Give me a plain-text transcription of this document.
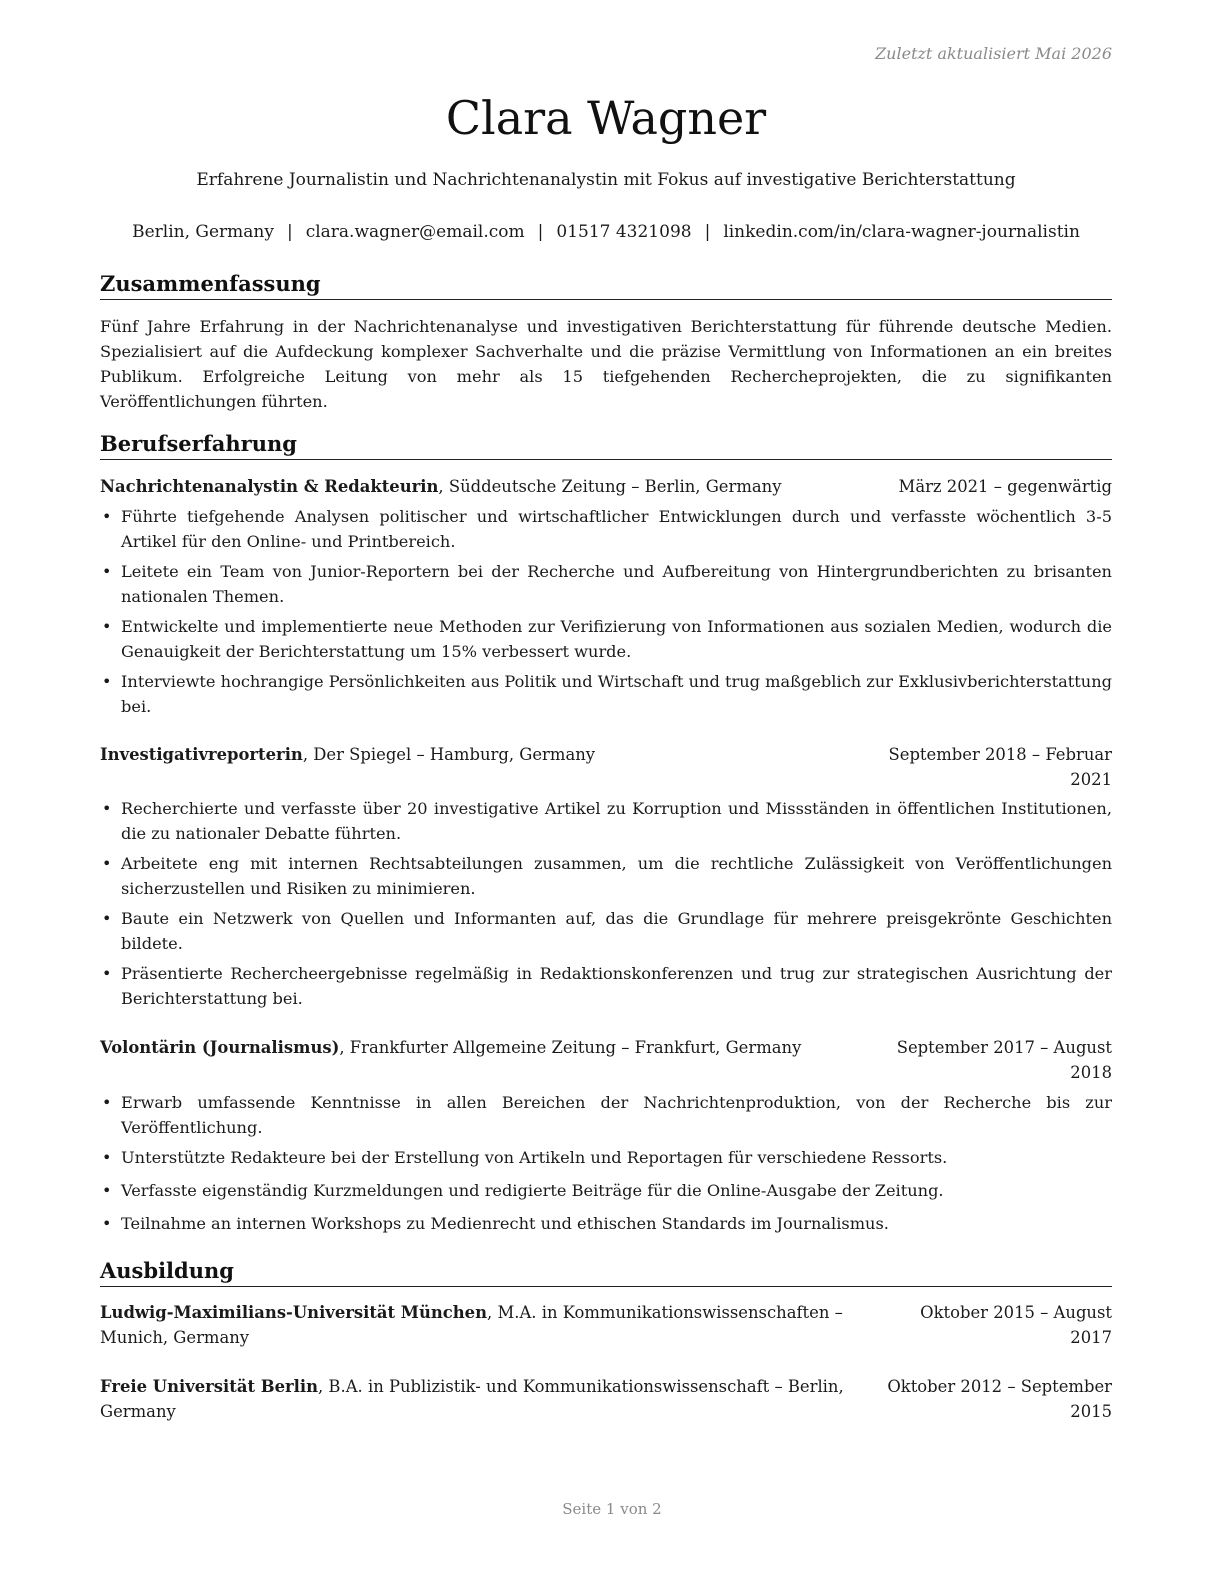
Zuletzt aktualisiert Mai 2026
Clara Wagner
Erfahrene Journalistin und Nachrichtenanalystin mit Fokus auf investigative Berichterstattung
Berlin, Germany | clara.wagner@email.com | 01517 4321098 | linkedin.com/in/clara-wagner-journalistin
Zusammenfassung

Fünf Jahre Erfahrung in der Nachrichtenanalyse und investigativen Berichterstattung für führende deutsche Medien. Spezialisiert auf die Aufdeckung komplexer Sachverhalte und die präzise Vermittlung von Informationen an ein breites Publikum. Erfolgreiche Leitung von mehr als 15 tiefgehenden Rechercheprojekten, die zu signifikanten Veröffentlichungen führten.

Berufserfahrung
Nachrichtenanalystin & Redakteurin, Süddeutsche Zeitung – Berlin, Germany	März 2021 – gegenwärtig
• Führte tiefgehende Analysen politischer und wirtschaftlicher Entwicklungen durch und verfasste wöchentlich 3-5 Artikel für den Online- und Printbereich.
• Leitete ein Team von Junior-Reportern bei der Recherche und Aufbereitung von Hintergrundberichten zu brisanten nationalen Themen.
• Entwickelte und implementierte neue Methoden zur Verifizierung von Informationen aus sozialen Medien, wodurch die Genauigkeit der Berichterstattung um 15% verbessert wurde.
• Interviewte hochrangige Persönlichkeiten aus Politik und Wirtschaft und trug maßgeblich zur Exklusivberichterstattung bei.
Investigativreporterin, Der Spiegel – Hamburg, Germany	September 2018 – Februar
2021
• Recherchierte und verfasste über 20 investigative Artikel zu Korruption und Missständen in öffentlichen Institutionen, die zu nationaler Debatte führten.
• Arbeitete eng mit internen Rechtsabteilungen zusammen, um die rechtliche Zulässigkeit von Veröffentlichungen sicherzustellen und Risiken zu minimieren.
• Baute ein Netzwerk von Quellen und Informanten auf, das die Grundlage für mehrere preisgekrönte Geschichten bildete.
• Präsentierte Rechercheergebnisse regelmäßig in Redaktionskonferenzen und trug zur strategischen Ausrichtung der Berichterstattung bei.
Volontärin (Journalismus), Frankfurter Allgemeine Zeitung – Frankfurt, Germany	September 2017 – August
2018
• Erwarb umfassende Kenntnisse in allen Bereichen der Nachrichtenproduktion, von der Recherche bis zur Veröffentlichung.
• Unterstützte Redakteure bei der Erstellung von Artikeln und Reportagen für verschiedene Ressorts.
• Verfasste eigenständig Kurzmeldungen und redigierte Beiträge für die Online-Ausgabe der Zeitung.
• Teilnahme an internen Workshops zu Medienrecht und ethischen Standards im Journalismus.
Ausbildung
Ludwig-Maximilians-Universität München, M.A. in Kommunikationswissenschaften –
Munich, Germany
Oktober 2015 – August
2017
Freie Universität Berlin, B.A. in Publizistik- und Kommunikationswissenschaft – Berlin,
Germany
Oktober 2012 – September
2015
Seite 1 von 2
